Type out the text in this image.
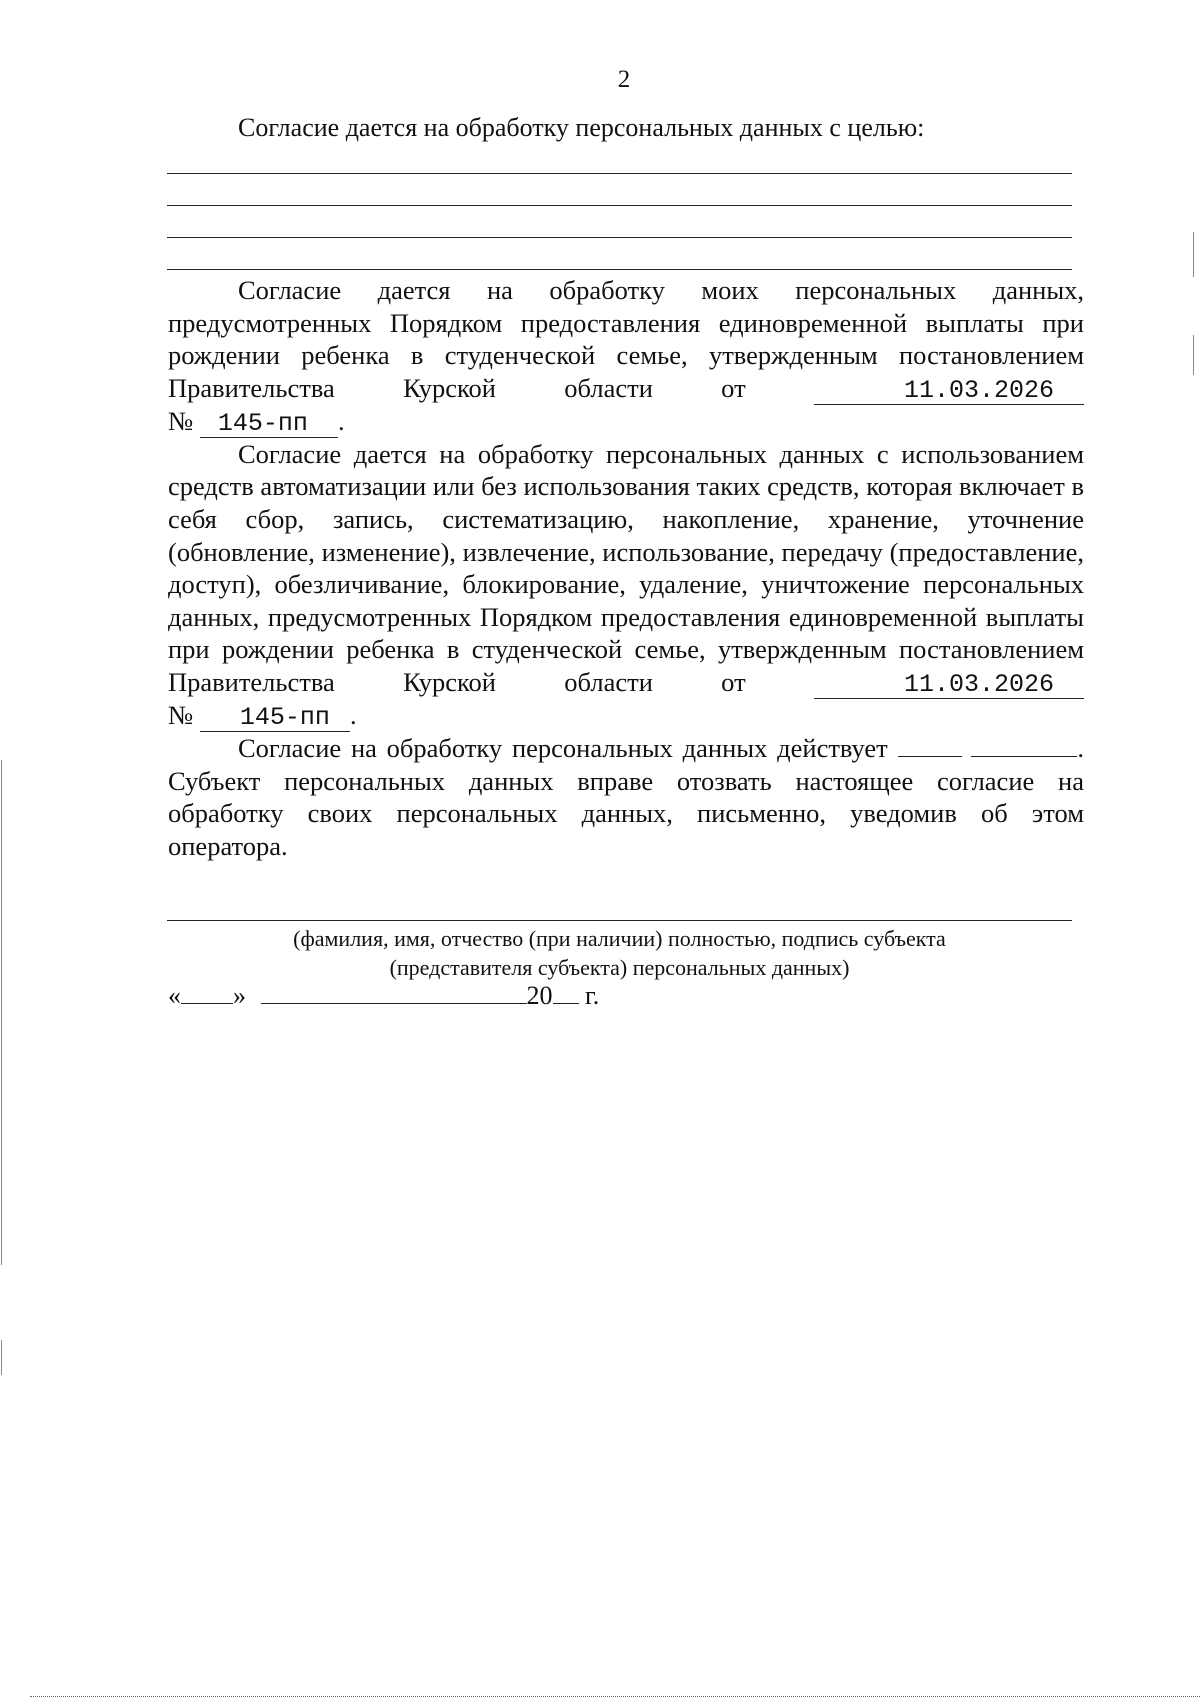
2
Согласие дается на обработку персональных данных с целью:

Согласие дается на обработку моих персональных данных, предусмотренных Порядком предоставления единовременной выплаты при рождении ребенка в студенческой семье, утвержденным постановлением Правительства Курской области от	11.03.2026

№ 145-пп .

Согласие дается на обработку персональных данных с использованием средств автоматизации или без использования таких средств, которая включает в себя сбор, запись, систематизацию, накопление, хранение, уточнение (обновление, изменение), извлечение, использование, передачу (предоставление, доступ), обезличивание, блокирование, удаление, уничтожение персональных данных, предусмотренных Порядком предоставления единовременной выплаты при рождении ребенка в студенческой семье, утвержденным постановлением Правительства Курской области от	11.03.2026

№ 145-пп .

Согласие на обработку персональных данных действует	. Субъект персональных данных вправе отозвать настоящее согласие на обработку своих персональных данных, письменно, уведомив об этом оператора.

(фамилия, имя, отчество (при наличии) полностью, подпись субъекта
(представителя субъекта) персональных данных)
« »	20 г.
